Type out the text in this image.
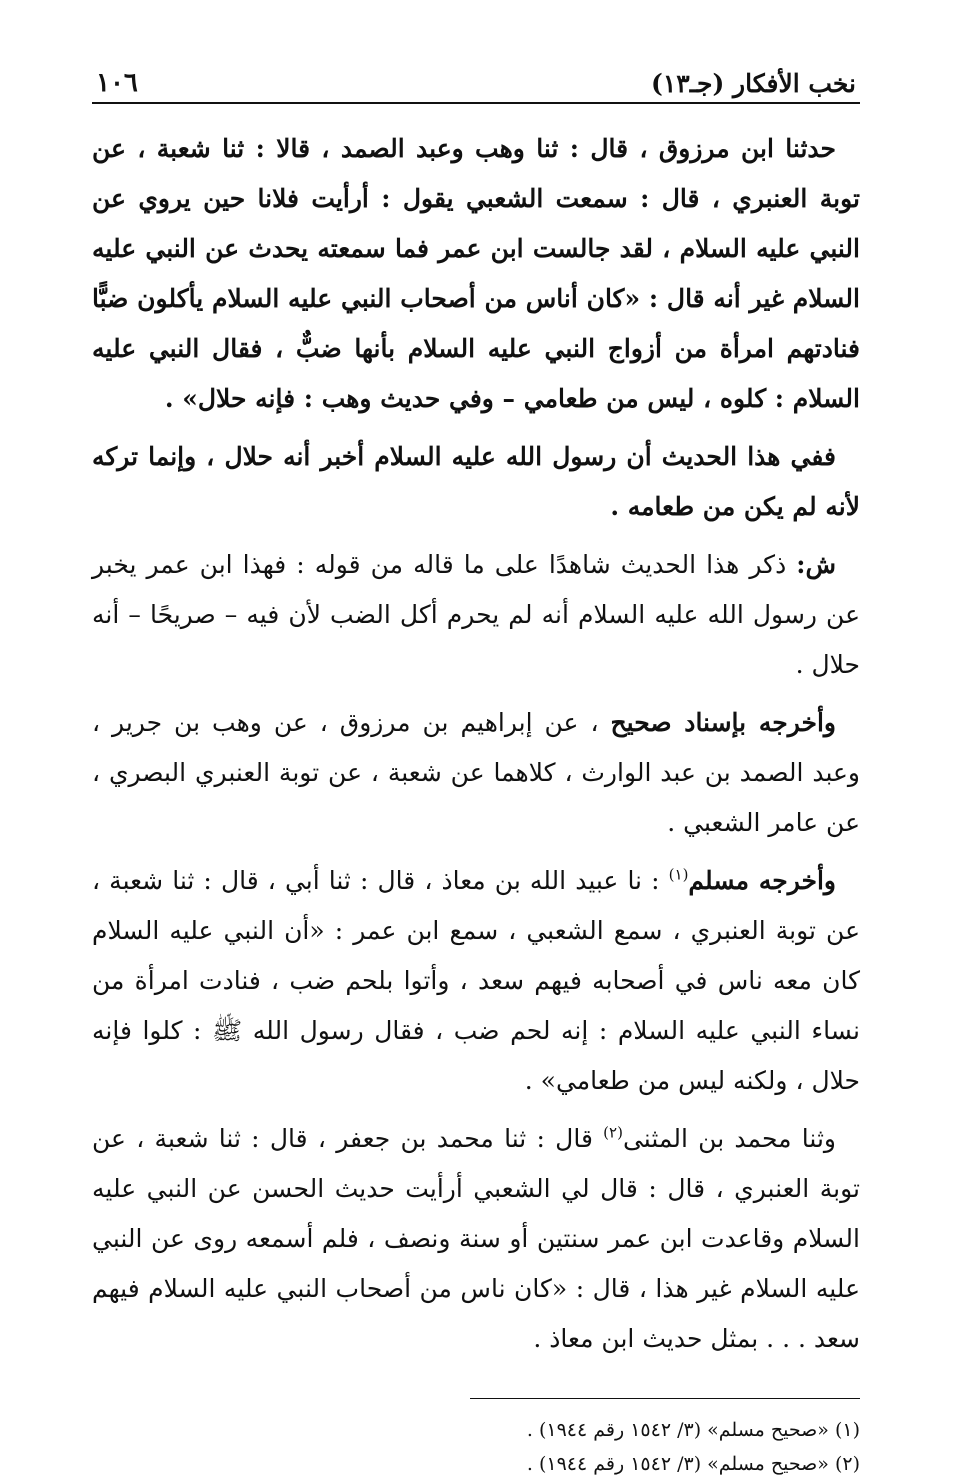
نخب الأفكار (جـ١٣)
١٠٦

حدثنا ابن مرزوق ، قال : ثنا وهب وعبد الصمد ، قالا : ثنا شعبة ، عن توبة العنبري ، قال : سمعت الشعبي يقول : أرأيت فلانا حين يروي عن النبي عليه السلام ، لقد جالست ابن عمر فما سمعته يحدث عن النبي عليه السلام غير أنه قال : «كان أناس من أصحاب النبي عليه السلام يأكلون ضبًّا فنادتهم امرأة من أزواج النبي عليه السلام بأنها ضبٌّ ، فقال النبي عليه السلام : كلوه ، ليس من طعامي – وفي حديث وهب : فإنه حلال» .

ففي هذا الحديث أن رسول الله عليه السلام أخبر أنه حلال ، وإنما تركه لأنه لم يكن من طعامه .

ش: ذكر هذا الحديث شاهدًا على ما قاله من قوله : فهذا ابن عمر يخبر عن رسول الله عليه السلام أنه لم يحرم أكل الضب لأن فيه – صريحًا – أنه حلال .

وأخرجه بإسناد صحيح ، عن إبراهيم بن مرزوق ، عن وهب بن جرير ، وعبد الصمد بن عبد الوارث ، كلاهما عن شعبة ، عن توبة العنبري البصري ، عن عامر الشعبي .

وأخرجه مسلم$^{(١)}$ : نا عبيد الله بن معاذ ، قال : ثنا أبي ، قال : ثنا شعبة ، عن توبة العنبري ، سمع الشعبي ، سمع ابن عمر : «أن النبي عليه السلام كان معه ناس في أصحابه فيهم سعد ، وأتوا بلحم ضب ، فنادت امرأة من نساء النبي عليه السلام : إنه لحم ضب ، فقال رسول الله ﷺ : كلوا فإنه حلال ، ولكنه ليس من طعامي» .

وثنا محمد بن المثنى$^{(٢)}$ قال : ثنا محمد بن جعفر ، قال : ثنا شعبة ، عن توبة العنبري ، قال : قال لي الشعبي أرأيت حديث الحسن عن النبي عليه السلام وقاعدت ابن عمر سنتين أو سنة ونصف ، فلم أسمعه روى عن النبي عليه السلام غير هذا ، قال : «كان ناس من أصحاب النبي عليه السلام فيهم سعد . . . بمثل حديث ابن معاذ .

(١) «صحيح مسلم» (٣/ ١٥٤٢ رقم ١٩٤٤) .

(٢) «صحيح مسلم» (٣/ ١٥٤٢ رقم ١٩٤٤) .
